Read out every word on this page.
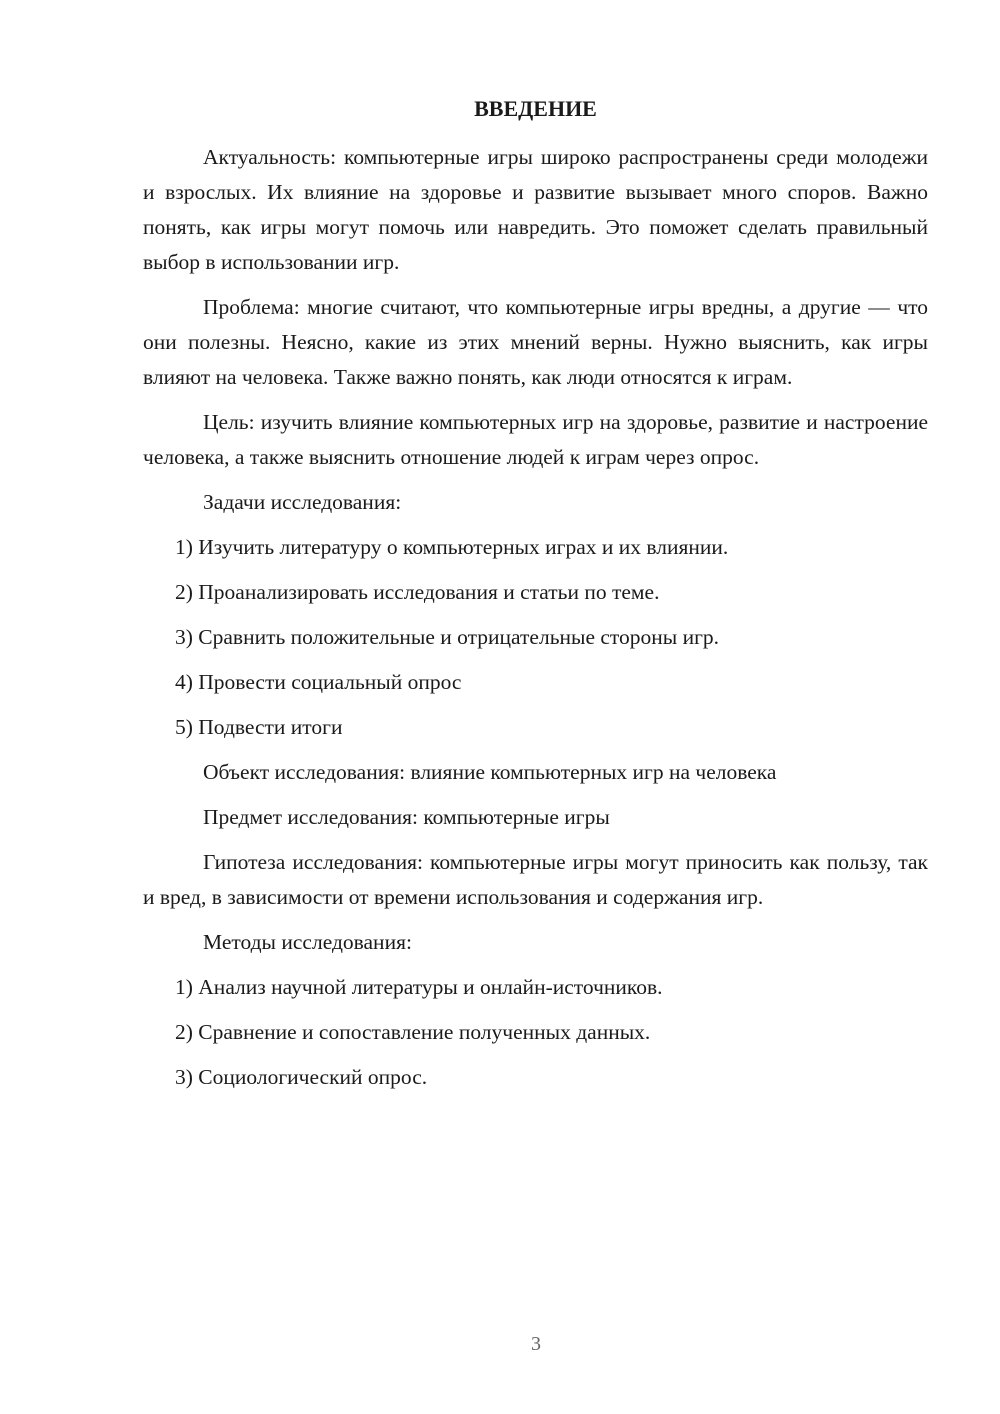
ВВЕДЕНИЕ

Актуальность: компьютерные игры широко распространены среди молодежи и взрослых. Их влияние на здоровье и развитие вызывает много споров. Важно понять, как игры могут помочь или навредить. Это поможет сделать правильный выбор в использовании игр.

Проблема: многие считают, что компьютерные игры вредны, а другие — что они полезны. Неясно, какие из этих мнений верны. Нужно выяснить, как игры влияют на человека. Также важно понять, как люди относятся к играм.

Цель: изучить влияние компьютерных игр на здоровье, развитие и настроение человека, а также выяснить отношение людей к играм через опрос.

Задачи исследования:

1) Изучить литературу о компьютерных играх и их влиянии.

2) Проанализировать исследования и статьи по теме.

3) Сравнить положительные и отрицательные стороны игр.

4) Провести социальный опрос

5) Подвести итоги

Объект исследования: влияние компьютерных игр на человека

Предмет исследования: компьютерные игры

Гипотеза исследования: компьютерные игры могут приносить как пользу, так и вред, в зависимости от времени использования и содержания игр.

Методы исследования:

1) Анализ научной литературы и онлайн-источников.

2) Сравнение и сопоставление полученных данных.

3) Социологический опрос.

3
